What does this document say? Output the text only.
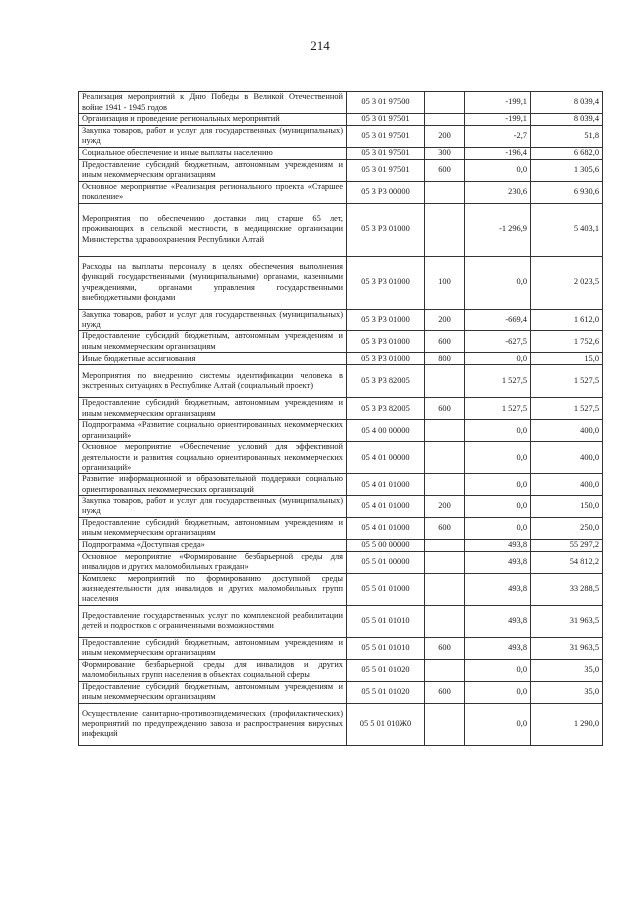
214
Реализация мероприятий к Дню Победы в Великой Отечественной войне 1941 - 1945 годов	05 3 01 97500		-199,1	8 039,4
Организация и проведение региональных мероприятий	05 3 01 97501		-199,1	8 039,4
Закупка товаров, работ и услуг для государственных (муниципальных) нужд	05 3 01 97501	200	-2,7	51,8
Социальное обеспечение и иные выплаты населению	05 3 01 97501	300	-196,4	6 682,0
Предоставление субсидий бюджетным, автономным учреждениям и иным некоммерческим организациям	05 3 01 97501	600	0,0	1 305,6
Основное мероприятие «Реализация регионального проекта «Старшее поколение»	05 3 P3 00000		230,6	6 930,6
Мероприятия по обеспечению доставки лиц старше 65 лет, проживающих в сельской местности, в медицинские организации Министерства здравоохранения Республики Алтай	05 3 P3 01000		-1 296,9	5 403,1
Расходы на выплаты персоналу в целях обеспечения выполнения функций государственными (муниципальными) органами, казенными учреждениями, органами управления государственными внебюджетными фондами	05 3 P3 01000	100	0,0	2 023,5
Закупка товаров, работ и услуг для государственных (муниципальных) нужд	05 3 P3 01000	200	-669,4	1 612,0
Предоставление субсидий бюджетным, автономным учреждениям и иным некоммерческим организациям	05 3 P3 01000	600	-627,5	1 752,6
Иные бюджетные ассигнования	05 3 P3 01000	800	0,0	15,0
Мероприятия по внедрению системы идентификации человека в экстренных ситуациях в Республике Алтай (социальный проект)	05 3 P3 82005		1 527,5	1 527,5
Предоставление субсидий бюджетным, автономным учреждениям и иным некоммерческим организациям	05 3 P3 82005	600	1 527,5	1 527,5
Подпрограмма «Развитие социально ориентированных некоммерческих организаций»	05 4 00 00000		0,0	400,0
Основное мероприятие «Обеспечение условий для эффективной деятельности и развития социально ориентированных некоммерческих организаций»	05 4 01 00000		0,0	400,0
Развитие информационной и образовательной поддержки социально ориентированных некоммерческих организаций	05 4 01 01000		0,0	400,0
Закупка товаров, работ и услуг для государственных (муниципальных) нужд	05 4 01 01000	200	0,0	150,0
Предоставление субсидий бюджетным, автономным учреждениям и иным некоммерческим организациям	05 4 01 01000	600	0,0	250,0
Подпрограмма «Доступная среда»	05 5 00 00000		493,8	55 297,2
Основное мероприятие «Формирование безбарьерной среды для инвалидов и других маломобильных граждан»	05 5 01 00000		493,8	54 812,2
Комплекс мероприятий по формированию доступной среды жизнедеятельности для инвалидов и других маломобильных групп населения	05 5 01 01000		493,8	33 288,5
Предоставление государственных услуг по комплексной реабилитации детей и подростков с ограниченными возможностями	05 5 01 01010		493,8	31 963,5
Предоставление субсидий бюджетным, автономным учреждениям и иным некоммерческим организациям	05 5 01 01010	600	493,8	31 963,5
Формирование безбарьерной среды для инвалидов и других маломобильных групп населения в объектах социальной сферы	05 5 01 01020		0,0	35,0
Предоставление субсидий бюджетным, автономным учреждениям и иным некоммерческим организациям	05 5 01 01020	600	0,0	35,0
Осуществление санитарно-противоэпидемических (профилактических) мероприятий по предупреждению завоза и распространения вирусных инфекций	05 5 01 010Ж0		0,0	1 290,0
